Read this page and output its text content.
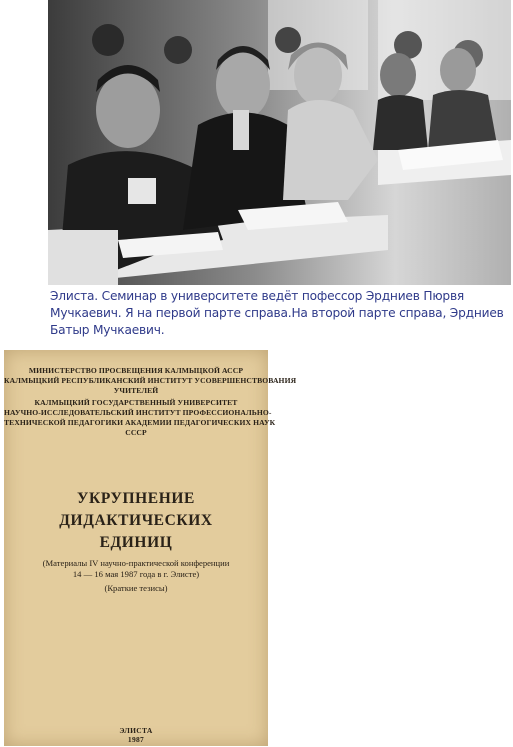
Элиста. Семинар в университете ведёт пофессор Эрдниев Пюрвя
Мучкаевич. Я на первой парте справа.На второй парте справа, Эрдниев
Батыр Мучкаевич.
МИНИСТЕРСТВО ПРОСВЕЩЕНИЯ КАЛМЫЦКОЙ АССР
КАЛМЫЦКИЙ РЕСПУБЛИКАНСКИЙ ИНСТИТУТ УСОВЕРШЕНСТВОВАНИЯ
УЧИТЕЛЕЙ
КАЛМЫЦКИЙ ГОСУДАРСТВЕННЫЙ УНИВЕРСИТЕТ
НАУЧНО-ИССЛЕДОВАТЕЛЬСКИЙ ИНСТИТУТ ПРОФЕССИОНАЛЬНО-
ТЕХНИЧЕСКОЙ ПЕДАГОГИКИ АКАДЕМИИ ПЕДАГОГИЧЕСКИХ НАУК
СССР
УКРУПНЕНИЕ
ДИДАКТИЧЕСКИХ
ЕДИНИЦ
(Материалы IV научно-практической конференции
14 — 16 мая 1987 года в г. Элисте)
(Краткие тезисы)
ЭЛИСТА
1987
